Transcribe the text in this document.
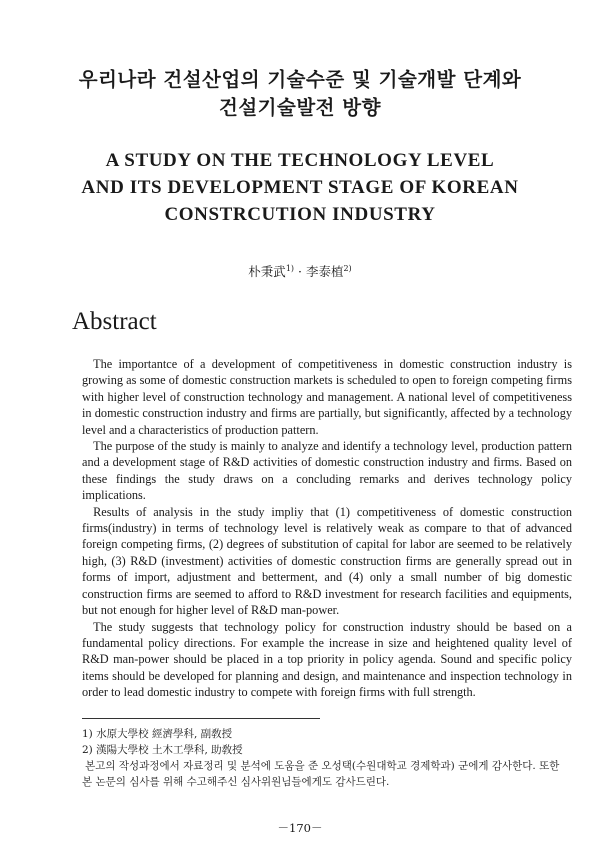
우리나라 건설산업의 기술수준 및 기술개발 단계와
건설기술발전 방향
A STUDY ON THE TECHNOLOGY LEVEL
AND ITS DEVELOPMENT STAGE OF KOREAN
CONSTRCUTION INDUSTRY
朴秉武$^{1)}$ · 李泰植$^{2)}$
Abstract

The importantce of a development of competitiveness in domestic construction industry is growing as some of domestic construction markets is scheduled to open to foreign competing firms with higher level of construction technology and management. A national level of competitiveness in domestic construction industry and firms are partially, but significantly, affected by a technology level and a characteristics of production pattern.

The purpose of the study is mainly to analyze and identify a technology level, production pattern and a development stage of R&D activities of domestic construction industry and firms. Based on these findings the study draws on a concluding remarks and derives technology policy implications.

Results of analysis in the study impliy that (1) competitiveness of domestic construction firms(industry) in terms of technology level is relatively weak as compare to that of advanced foreign competing firms, (2) degrees of substitution of capital for labor are seemed to be relatively high, (3) R&D (investment) activities of domestic construction firms are generally spread out in forms of import, adjustment and betterment, and (4) only a small number of big domestic construction firms are seemed to afford to R&D investment for research facilities and equipments, but not enough for higher level of R&D man-power.

The study suggests that technology policy for construction industry should be based on a fundamental policy directions. For example the increase in size and heightened quality level of R&D man-power should be placed in a top priority in policy agenda. Sound and specific policy items should be developed for planning and design, and maintenance and inspection technology in order to lead domestic industry to compete with foreign firms with full strength.

1) 水原大學校 經濟學科, 副敎授
2) 漢陽大學校 土木工學科, 助敎授
본고의 작성과정에서 자료정리 및 분석에 도움을 준 오성택(수원대학교 경제학과) 군에게 감사한다. 또한 본 논문의 심사를 위해 수고해주신 심사위원님들에게도 감사드린다.
－170－
